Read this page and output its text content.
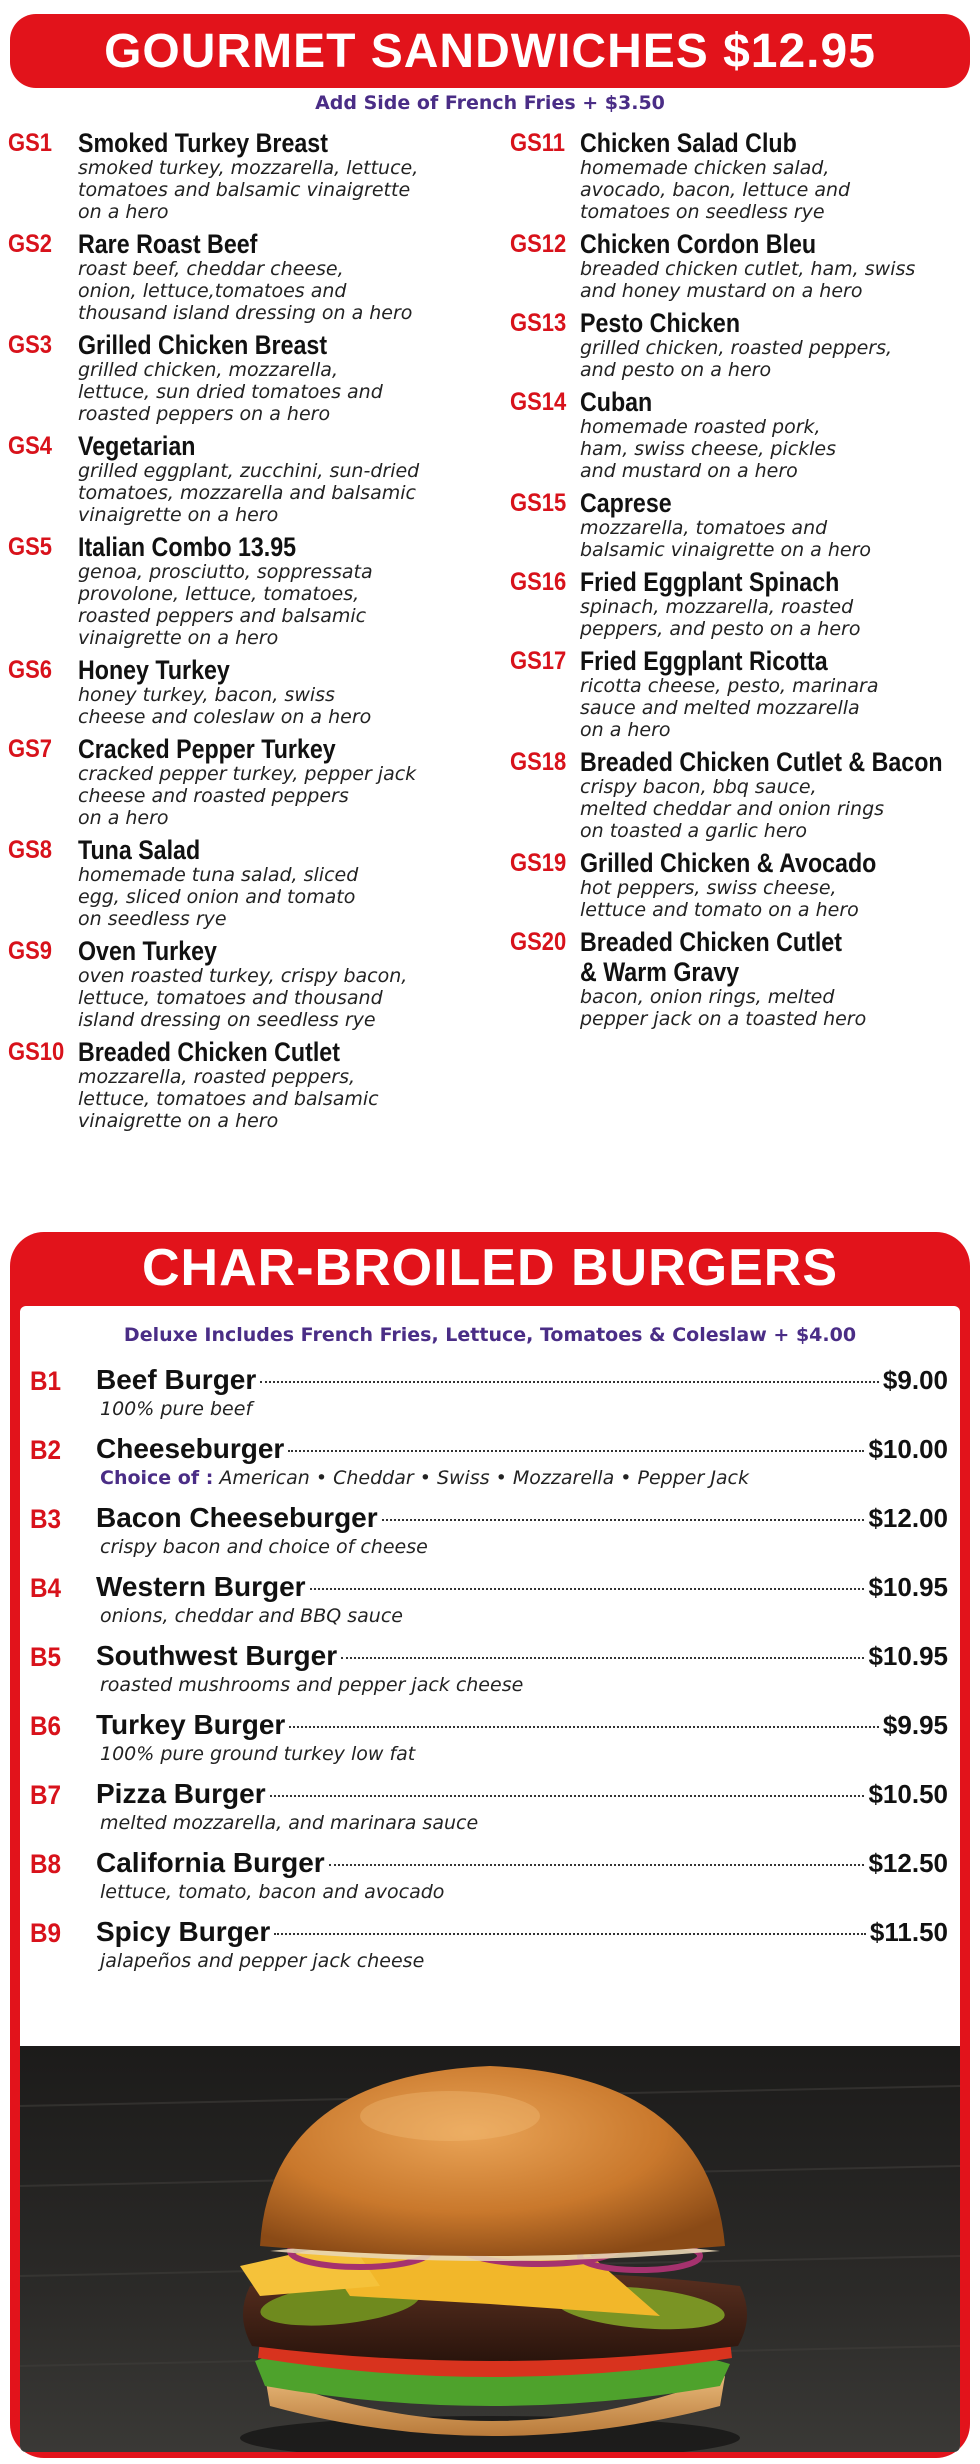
GOURMET SANDWICHES $12.95
Add Side of French Fries + $3.50
GS1 Smoked Turkey Breast
smoked turkey, mozzarella, lettuce,
tomatoes and balsamic vinaigrette
on a hero
GS2 Rare Roast Beef
roast beef, cheddar cheese,
onion, lettuce,tomatoes and
thousand island dressing on a hero
GS3 Grilled Chicken Breast
grilled chicken, mozzarella,
lettuce, sun dried tomatoes and
roasted peppers on a hero
GS4 Vegetarian
grilled eggplant, zucchini, sun-dried
tomatoes, mozzarella and balsamic
vinaigrette on a hero
GS5 Italian Combo 13.95
genoa, prosciutto, soppressata
provolone, lettuce, tomatoes,
roasted peppers and balsamic
vinaigrette on a hero
GS6 Honey Turkey
honey turkey, bacon, swiss
cheese and coleslaw on a hero
GS7 Cracked Pepper Turkey
cracked pepper turkey, pepper jack
cheese and roasted peppers
on a hero
GS8 Tuna Salad
homemade tuna salad, sliced
egg, sliced onion and tomato
on seedless rye
GS9 Oven Turkey
oven roasted turkey, crispy bacon,
lettuce, tomatoes and thousand
island dressing on seedless rye
GS10 Breaded Chicken Cutlet
mozzarella, roasted peppers,
lettuce, tomatoes and balsamic
vinaigrette on a hero
GS11 Chicken Salad Club
homemade chicken salad,
avocado, bacon, lettuce and
tomatoes on seedless rye
GS12 Chicken Cordon Bleu
breaded chicken cutlet, ham, swiss
and honey mustard on a hero
GS13 Pesto Chicken
grilled chicken, roasted peppers,
and pesto on a hero
GS14 Cuban
homemade roasted pork,
ham, swiss cheese, pickles
and mustard on a hero
GS15 Caprese
mozzarella, tomatoes and
balsamic vinaigrette on a hero
GS16 Fried Eggplant Spinach
spinach, mozzarella, roasted
peppers, and pesto on a hero
GS17 Fried Eggplant Ricotta
ricotta cheese, pesto, marinara
sauce and melted mozzarella
on a hero
GS18 Breaded Chicken Cutlet & Bacon
crispy bacon, bbq sauce,
melted cheddar and onion rings
on toasted a garlic hero
GS19 Grilled Chicken & Avocado
hot peppers, swiss cheese,
lettuce and tomato on a hero
GS20 Breaded Chicken Cutlet
& Warm Gravy
bacon, onion rings, melted
pepper jack on a toasted hero
CHAR-BROILED BURGERS
Deluxe Includes French Fries, Lettuce, Tomatoes & Coleslaw + $4.00
B1 Beef Burger	$9.00
100% pure beef
B2 Cheeseburger	$10.00
Choice of : American • Cheddar • Swiss • Mozzarella • Pepper Jack
B3 Bacon Cheeseburger	$12.00
crispy bacon and choice of cheese
B4 Western Burger	$10.95
onions, cheddar and BBQ sauce
B5 Southwest Burger	$10.95
roasted mushrooms and pepper jack cheese
B6 Turkey Burger	$9.95
100% pure ground turkey low fat
B7 Pizza Burger	$10.50
melted mozzarella, and marinara sauce
B8 California Burger	$12.50
lettuce, tomato, bacon and avocado
B9 Spicy Burger	$11.50
jalapeños and pepper jack cheese
